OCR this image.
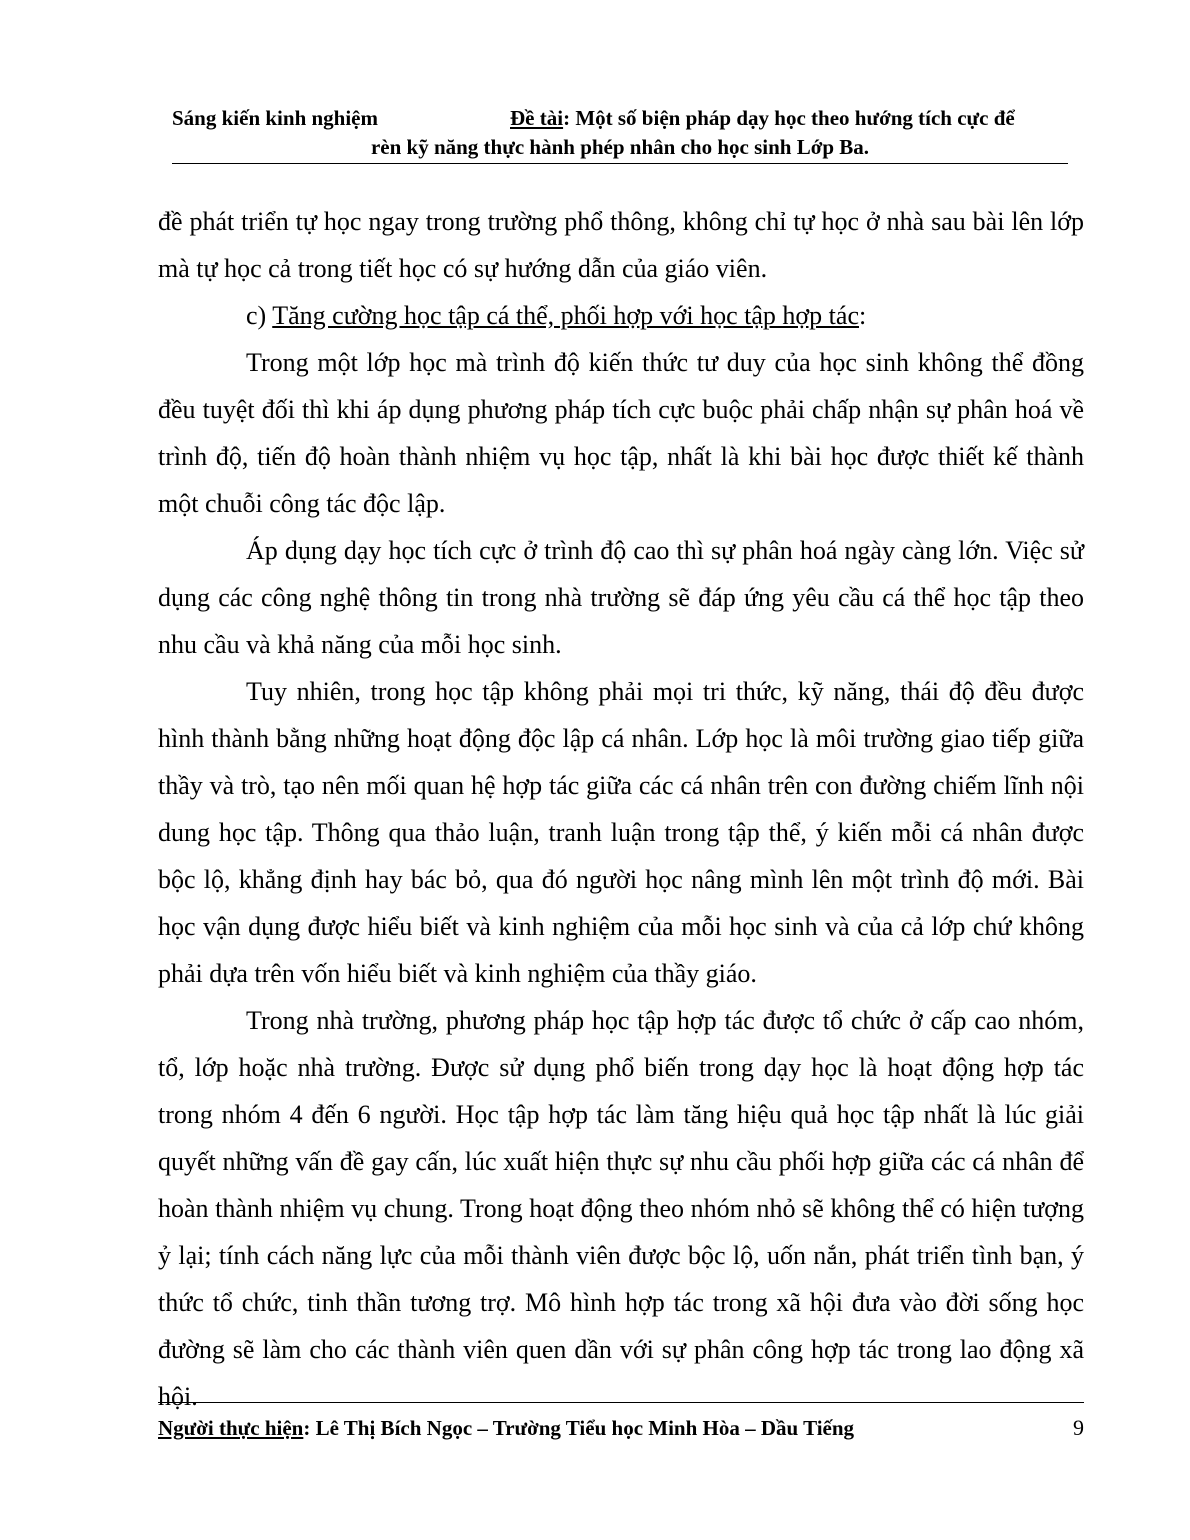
Sáng kiến kinh nghiệm	Đề tài: Một số biện pháp dạy học theo hướng tích cực để
rèn kỹ năng thực hành phép nhân cho học sinh Lớp Ba.

đề phát triển tự học ngay trong trường phổ thông, không chỉ tự học ở nhà sau bài lên lớp mà tự học cả trong tiết học có sự hướng dẫn của giáo viên.

c) Tăng cường học tập cá thể, phối hợp với học tập hợp tác:

Trong một lớp học mà trình độ kiến thức tư duy của học sinh không thể đồng đều tuyệt đối thì khi áp dụng phương pháp tích cực buộc phải chấp nhận sự phân hoá về trình độ, tiến độ hoàn thành nhiệm vụ học tập, nhất là khi bài học được thiết kế thành một chuỗi công tác độc lập.

Áp dụng dạy học tích cực ở trình độ cao thì sự phân hoá ngày càng lớn. Việc sử dụng các công nghệ thông tin trong nhà trường sẽ đáp ứng yêu cầu cá thể học tập theo nhu cầu và khả năng của mỗi học sinh.

Tuy nhiên, trong học tập không phải mọi tri thức, kỹ năng, thái độ đều được hình thành bằng những hoạt động độc lập cá nhân. Lớp học là môi trường giao tiếp giữa thầy và trò, tạo nên mối quan hệ hợp tác giữa các cá nhân trên con đường chiếm lĩnh nội dung học tập. Thông qua thảo luận, tranh luận trong tập thể, ý kiến mỗi cá nhân được bộc lộ, khẳng định hay bác bỏ, qua đó người học nâng mình lên một trình độ mới. Bài học vận dụng được hiểu biết và kinh nghiệm của mỗi học sinh và của cả lớp chứ không phải dựa trên vốn hiểu biết và kinh nghiệm của thầy giáo.

Trong nhà trường, phương pháp học tập hợp tác được tổ chức ở cấp cao nhóm, tổ, lớp hoặc nhà trường. Được sử dụng phổ biến trong dạy học là hoạt động hợp tác trong nhóm 4 đến 6 người. Học tập hợp tác làm tăng hiệu quả học tập nhất là lúc giải quyết những vấn đề gay cấn, lúc xuất hiện thực sự nhu cầu phối hợp giữa các cá nhân để hoàn thành nhiệm vụ chung. Trong hoạt động theo nhóm nhỏ sẽ không thể có hiện tượng ỷ lại; tính cách năng lực của mỗi thành viên được bộc lộ, uốn nắn, phát triển tình bạn, ý thức tổ chức, tinh thần tương trợ. Mô hình hợp tác trong xã hội đưa vào đời sống học đường sẽ làm cho các thành viên quen dần với sự phân công hợp tác trong lao động xã hội.

Người thực hiện: Lê Thị Bích Ngọc – Trường Tiểu học Minh Hòa – Dầu Tiếng	9
